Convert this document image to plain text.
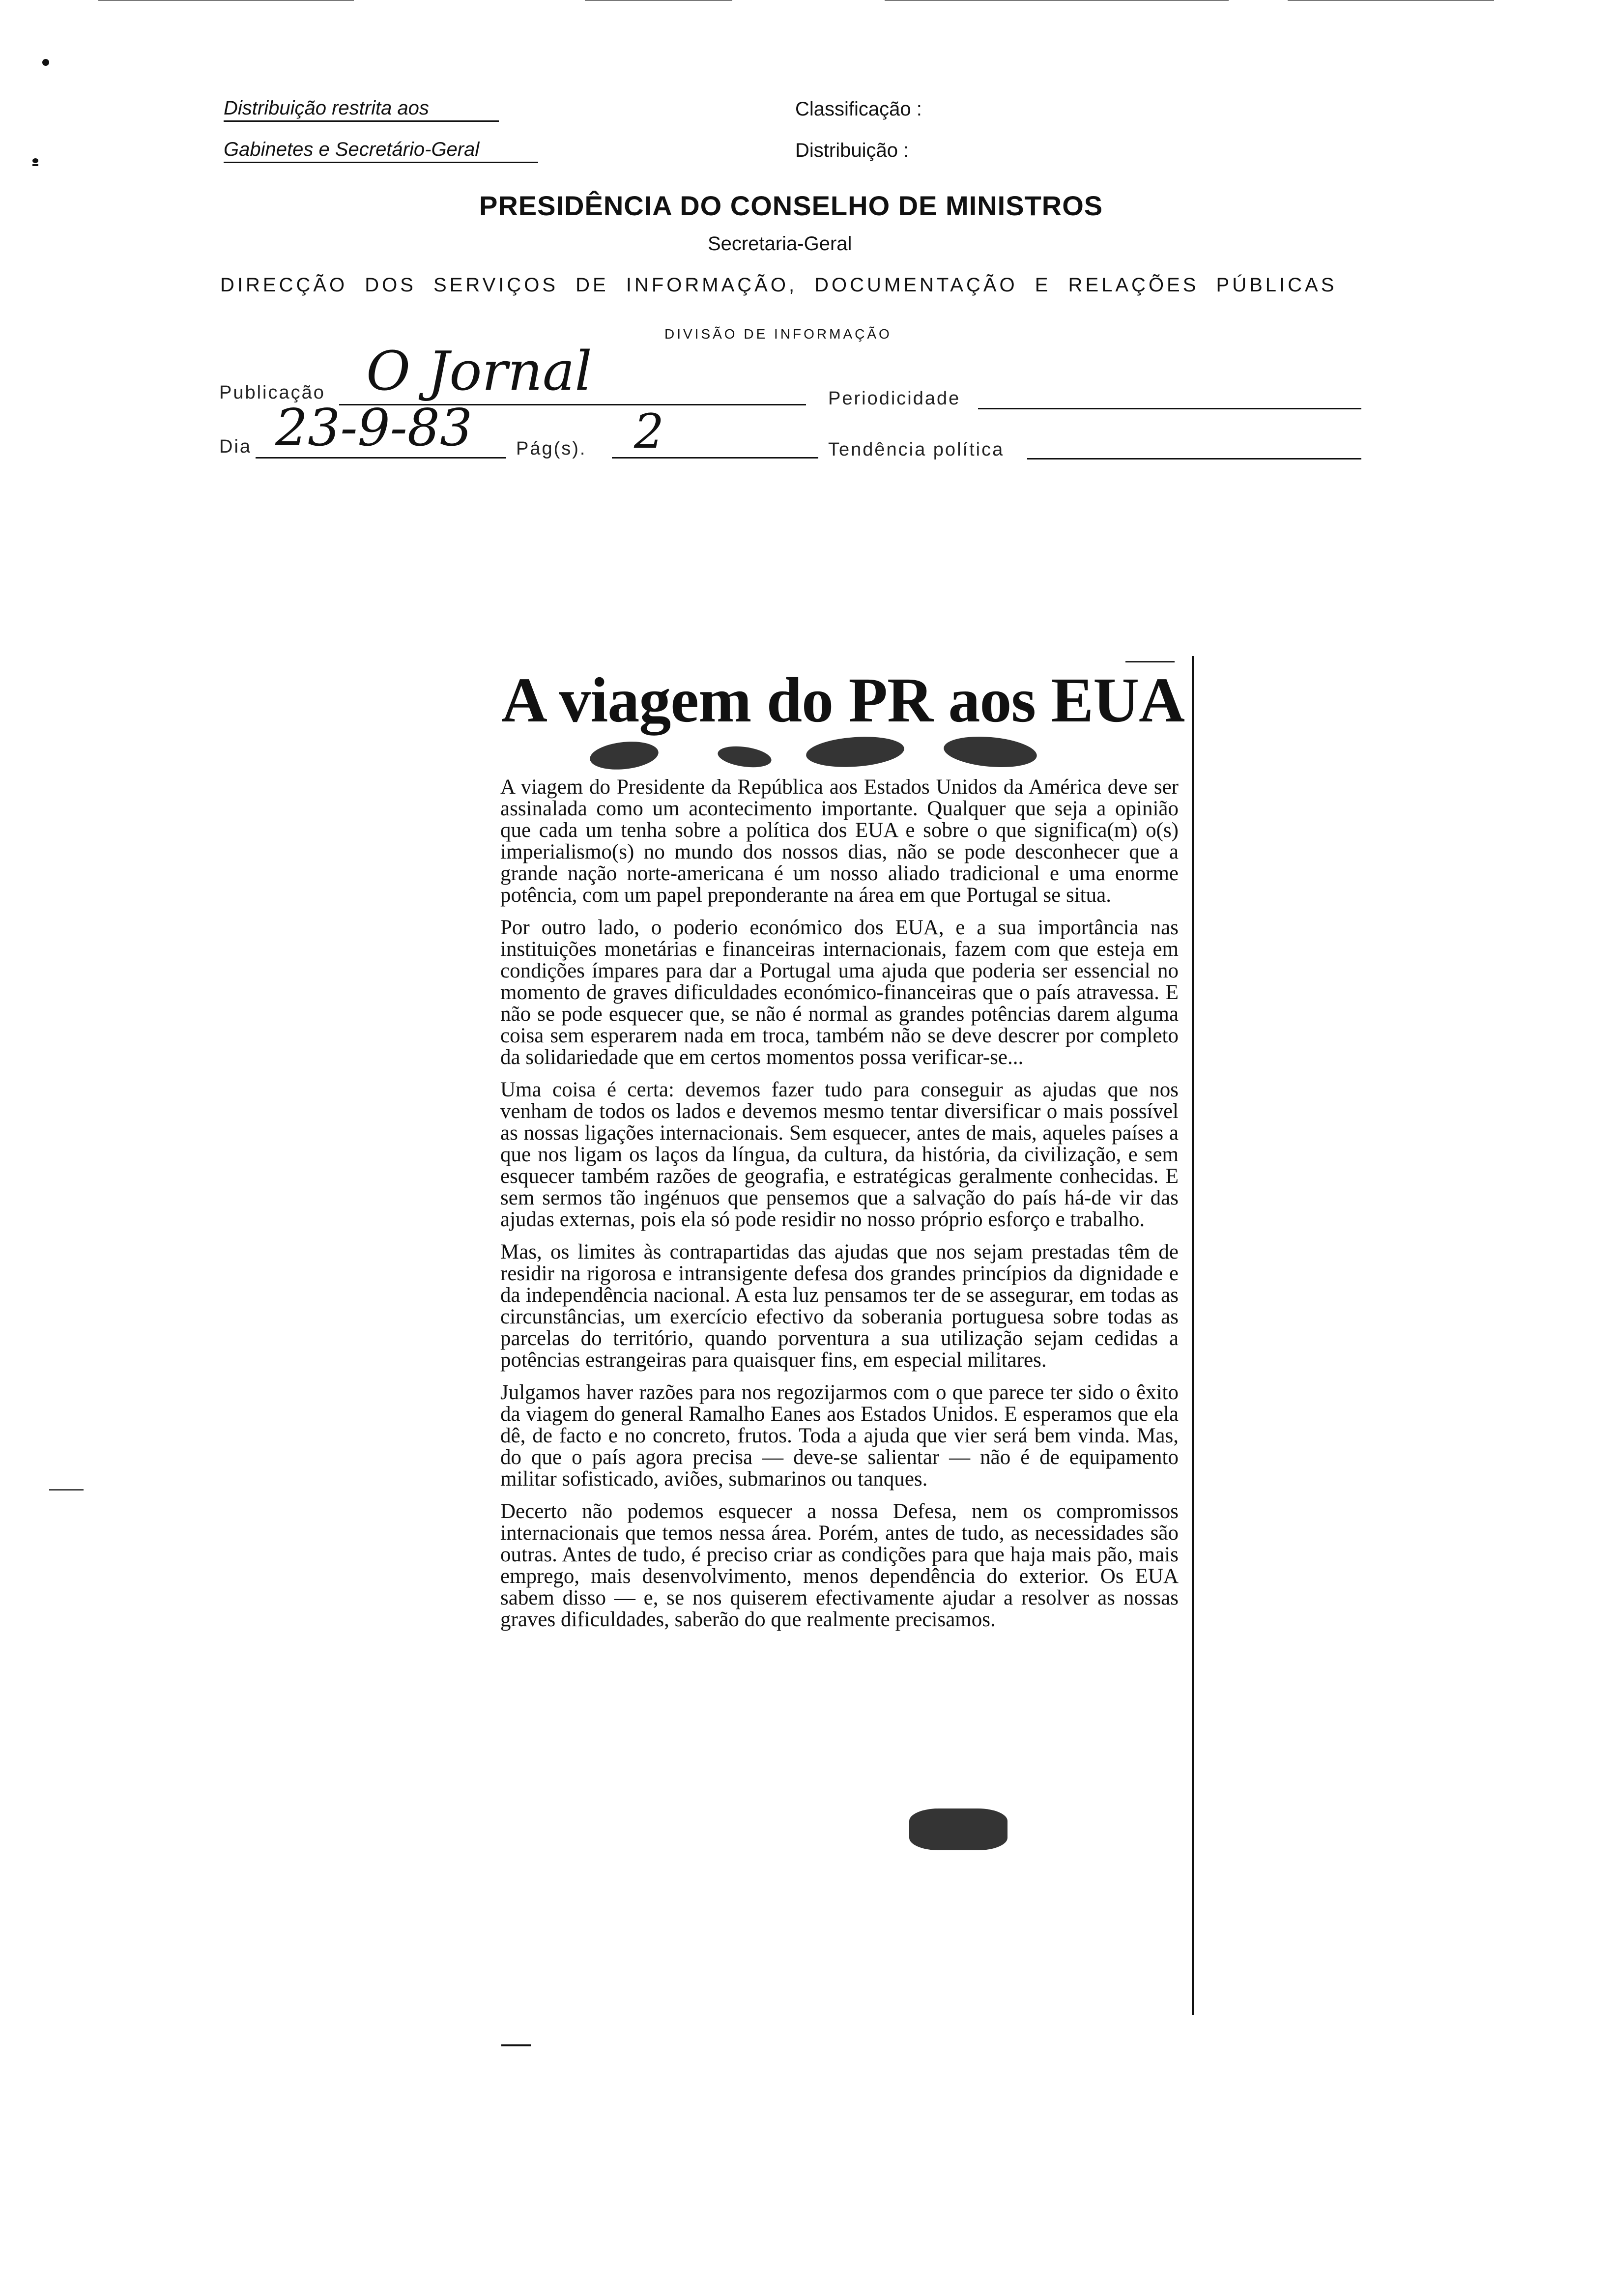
Distribuição restrita aos
Gabinetes e Secretário-Geral
Classificação :
Distribuição :
PRESIDÊNCIA DO CONSELHO DE MINISTROS
Secretaria-Geral
DIRECÇÃO DOS SERVIÇOS DE INFORMAÇÃO, DOCUMENTAÇÃO E RELAÇÕES PÚBLICAS
DIVISÃO DE INFORMAÇÃO
Publicação O Jornal	Periodicidade
Dia 23-9-83 Pág(s). 2	Tendência política
A viagem do PR aos EUA

A viagem do Presidente da República aos Estados Unidos da América deve ser assinalada como um acontecimento importante. Qualquer que seja a opinião que cada um tenha sobre a política dos EUA e sobre o que significa(m) o(s) imperialismo(s) no mundo dos nossos dias, não se pode desconhecer que a grande nação norte-americana é um nosso aliado tradicional e uma enorme potência, com um papel preponderante na área em que Portugal se situa.

Por outro lado, o poderio económico dos EUA, e a sua importância nas instituições monetárias e financeiras internacionais, fazem com que esteja em condições ímpares para dar a Portugal uma ajuda que poderia ser essencial no momento de graves dificuldades económico-financeiras que o país atravessa. E não se pode esquecer que, se não é normal as grandes potências darem alguma coisa sem esperarem nada em troca, também não se deve descrer por completo da solidariedade que em certos momentos possa verificar-se...

Uma coisa é certa: devemos fazer tudo para conseguir as ajudas que nos venham de todos os lados e devemos mesmo tentar diversificar o mais possível as nossas ligações internacionais. Sem esquecer, antes de mais, aqueles países a que nos ligam os laços da língua, da cultura, da história, da civilização, e sem esquecer também razões de geografia, e estratégicas geralmente conhecidas. E sem sermos tão ingénuos que pensemos que a salvação do país há-de vir das ajudas externas, pois ela só pode residir no nosso próprio esforço e trabalho.

Mas, os limites às contrapartidas das ajudas que nos sejam prestadas têm de residir na rigorosa e intransigente defesa dos grandes princípios da dignidade e da independência nacional. A esta luz pensamos ter de se assegurar, em todas as circunstâncias, um exercício efectivo da soberania portuguesa sobre todas as parcelas do território, quando porventura a sua utilização sejam cedidas a potências estrangeiras para quaisquer fins, em especial militares.

Julgamos haver razões para nos regozijarmos com o que parece ter sido o êxito da viagem do general Ramalho Eanes aos Estados Unidos. E esperamos que ela dê, de facto e no concreto, frutos. Toda a ajuda que vier será bem vinda. Mas, do que o país agora precisa — deve-se salientar — não é de equipamento militar sofisticado, aviões, submarinos ou tanques.

Decerto não podemos esquecer a nossa Defesa, nem os compromissos internacionais que temos nessa área. Porém, antes de tudo, as necessidades são outras. Antes de tudo, é preciso criar as condições para que haja mais pão, mais emprego, mais desenvolvimento, menos dependência do exterior. Os EUA sabem disso — e, se nos quiserem efectivamente ajudar a resolver as nossas graves dificuldades, saberão do que realmente precisamos.
